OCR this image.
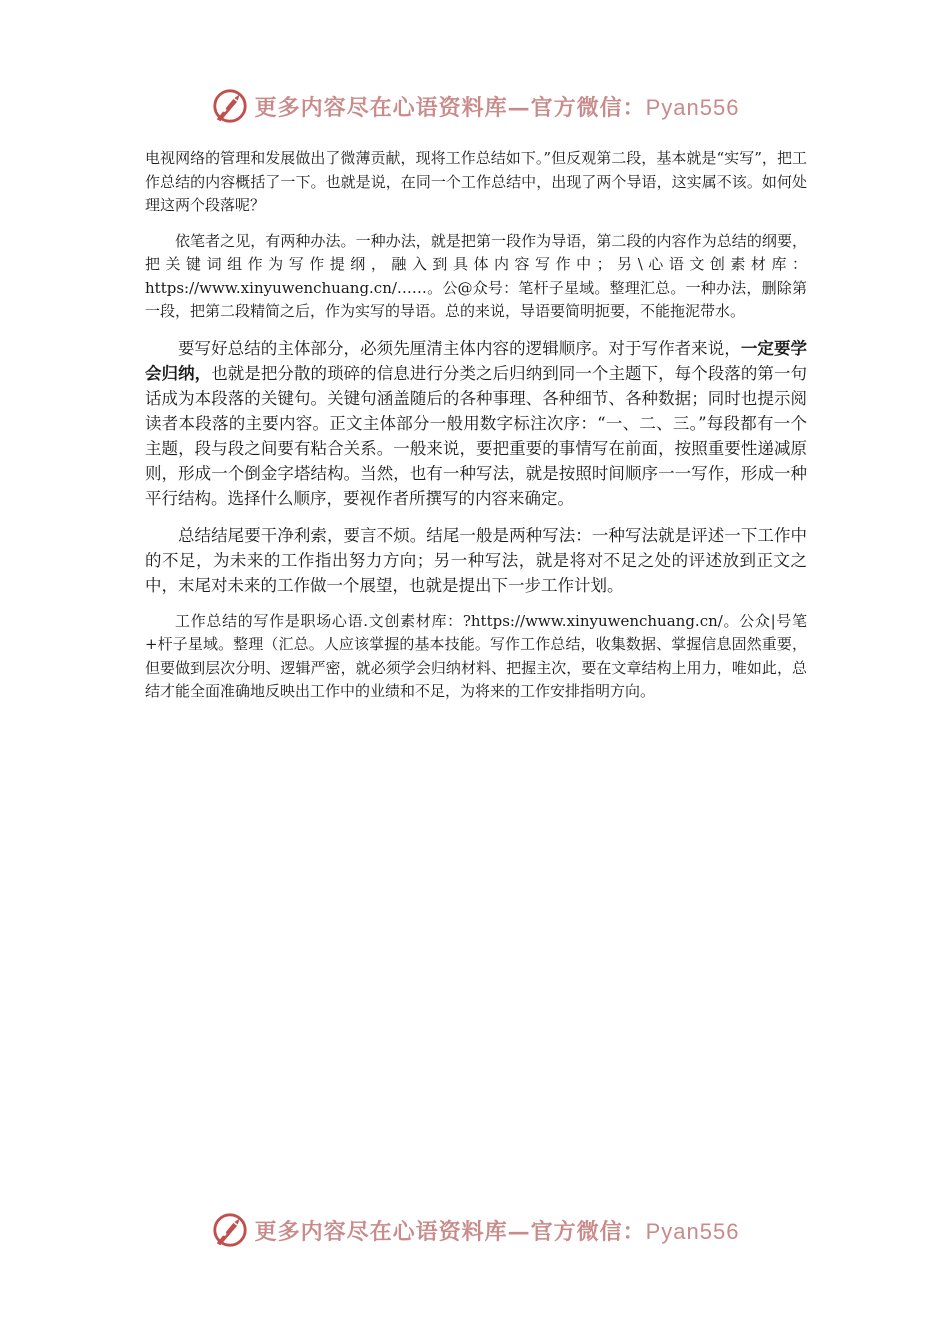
更多内容尽在心语资料库—官方微信：Pyan556

电视网络的管理和发展做出了微薄贡献，现将工作总结如下。”但反观第二段，基本就是“实写”，把工作总结的内容概括了一下。也就是说，在同一个工作总结中，出现了两个导语，这实属不该。如何处理这两个段落呢？

依笔者之见，有两种办法。一种办法，就是把第一段作为导语，第二段的内容作为总结的纲要，把关键词组作为写作提纲，融入到具体内容写作中；另\心语文创素材库：https://www.xinyuwenchuang.cn/……。公@众号：笔杆子星域。整理汇总。一种办法，删除第一段，把第二段精简之后，作为实写的导语。总的来说，导语要简明扼要，不能拖泥带水。

要写好总结的主体部分，必须先厘清主体内容的逻辑顺序。对于写作者来说，一定要学会归纳，也就是把分散的琐碎的信息进行分类之后归纳到同一个主题下，每个段落的第一句话成为本段落的关键句。关键句涵盖随后的各种事理、各种细节、各种数据；同时也提示阅读者本段落的主要内容。正文主体部分一般用数字标注次序：“一、二、三。”每段都有一个主题，段与段之间要有粘合关系。一般来说，要把重要的事情写在前面，按照重要性递减原则，形成一个倒金字塔结构。当然，也有一种写法，就是按照时间顺序一一写作，形成一种平行结构。选择什么顺序，要视作者所撰写的内容来确定。

总结结尾要干净利索，要言不烦。结尾一般是两种写法：一种写法就是评述一下工作中的不足，为未来的工作指出努力方向；另一种写法，就是将对不足之处的评述放到正文之中，末尾对未来的工作做一个展望，也就是提出下一步工作计划。

工作总结的写作是职场心语.文创素材库：?https://www.xinyuwenchuang.cn/。公众|号笔+杆子星域。整理（汇总。人应该掌握的基本技能。写作工作总结，收集数据、掌握信息固然重要，但要做到层次分明、逻辑严密，就必须学会归纳材料、把握主次，要在文章结构上用力，唯如此，总结才能全面准确地反映出工作中的业绩和不足，为将来的工作安排指明方向。

更多内容尽在心语资料库—官方微信：Pyan556
